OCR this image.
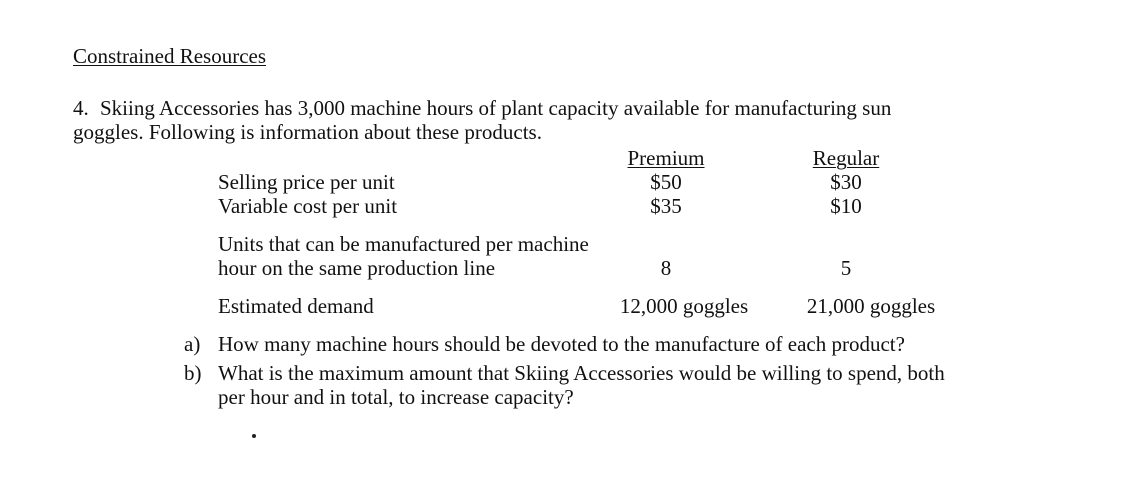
Constrained Resources
4. Skiing Accessories has 3,000 machine hours of plant capacity available for manufacturing sun
goggles. Following is information about these products.
Premium	Regular
Selling price per unit	$50	$30
Variable cost per unit	$35	$10
Units that can be manufactured per machine
hour on the same production line	8	5
Estimated demand	12,000 goggles	21,000 goggles
a) How many machine hours should be devoted to the manufacture of each product?
b) What is the maximum amount that Skiing Accessories would be willing to spend, both
per hour and in total, to increase capacity?
